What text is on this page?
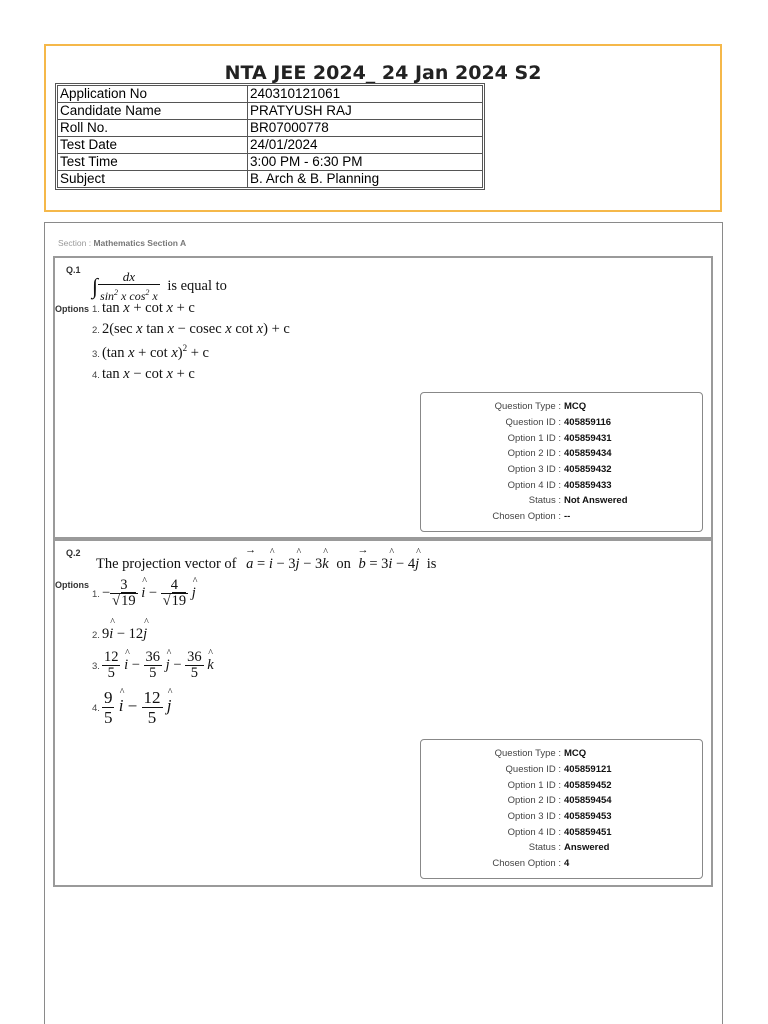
NTA JEE 2024_ 24 Jan 2024 S2
Application No	240310121061
Candidate Name	PRATYUSH RAJ
Roll No.	BR07000778
Test Date	24/01/2024
Test Time	3:00 PM - 6:30 PM
Subject	B. Arch & B. Planning
Section : Mathematics Section A
Q.1
∫ $\frac{dx}{\sin^2 x \cos^2 x}$ is equal to
Options 1. tan x + cot x + c
2. 2(sec x tan x − cosec x cot x) + c
3. (tan x + cot x)$^2$ + c
4. tan x − cot x + c
Question Type : MCQ
Question ID : 405859116
Option 1 ID : 405859431
Option 2 ID : 405859434
Option 3 ID : 405859432
Option 4 ID : 405859433
Status : Not Answered
Chosen Option : --
Q.2
The projection vector of → a = ^ i − 3^ j − 3^ k on → b = 3^ i − 4^ j is
Options
1. − $\frac{3}{√19}$ ^ $i - \frac{4}{√19}$ ^ j
2. 9^ i − 12^ j
3. $\frac{12}{5}$ ^ $i - \frac{36}{5}$ ^ $j - \frac{36}{5}$ ^ k
4. $\frac{9}{5}$ ^ $i - \frac{12}{5}$ ^ j
Question Type : MCQ
Question ID : 405859121
Option 1 ID : 405859452
Option 2 ID : 405859454
Option 3 ID : 405859453
Option 4 ID : 405859451
Status : Answered
Chosen Option : 4
